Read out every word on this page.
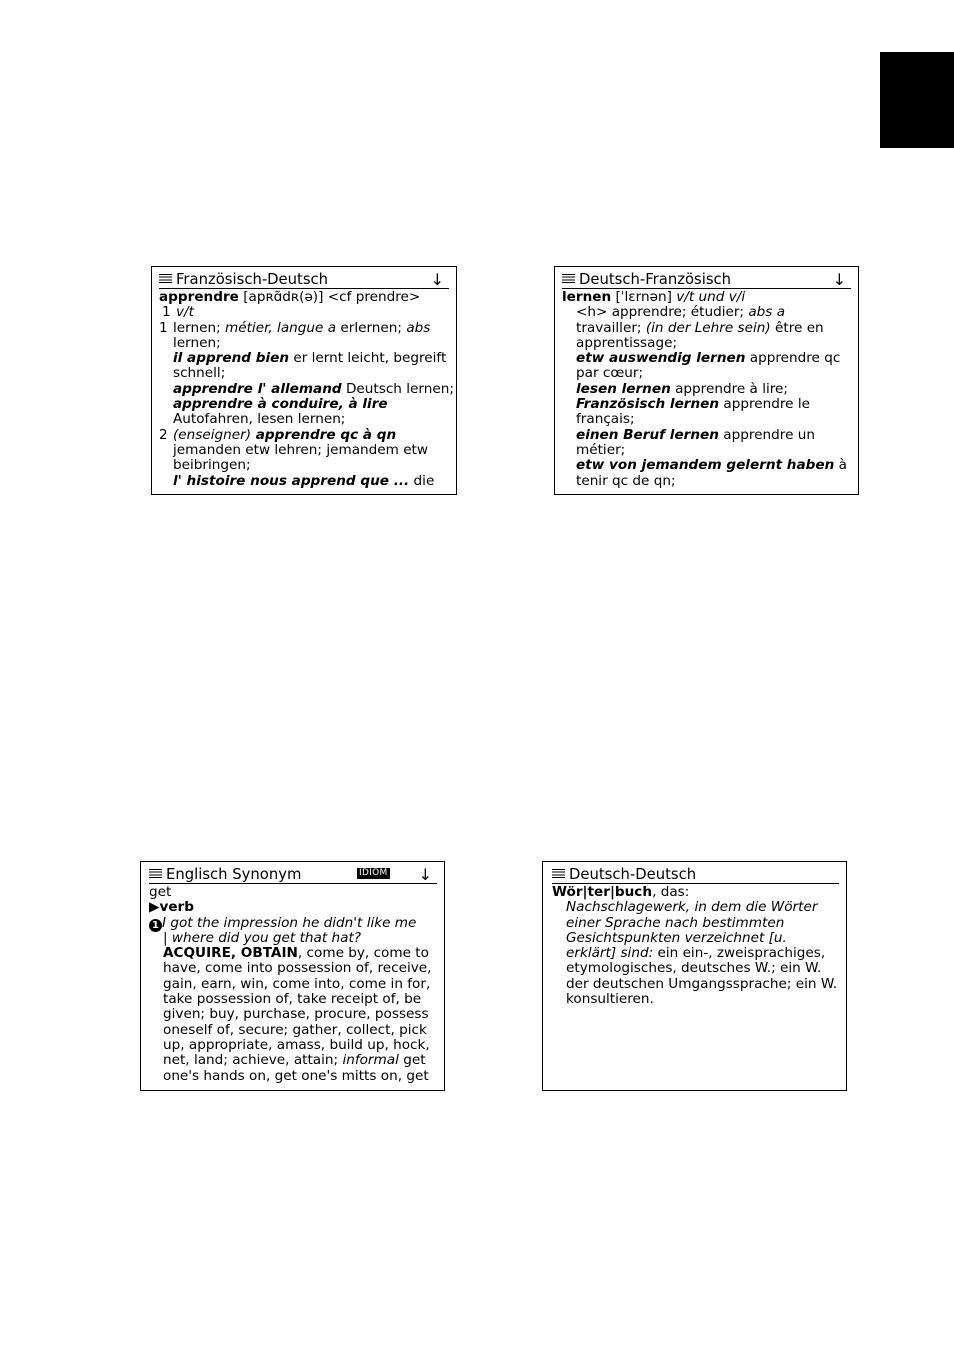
Französisch-Deutsch	↓
apprendre [apʀɑ̃dʀ(ə)] <cf prendre>
1 v/t
1 lernen; métier, langue a erlernen; abs
lernen;
il apprend bien er lernt leicht, begreift
schnell;
apprendre l' allemand Deutsch lernen;
apprendre à conduire, à lire
Autofahren, lesen lernen;
2 (enseigner) apprendre qc à qn
jemanden etw lehren; jemandem etw
beibringen;
l' histoire nous apprend que ... die
Deutsch-Französisch	↓
lernen [ˈlɛrnən] v/t und v/i
<h> apprendre; étudier; abs a
travailler; (in der Lehre sein) être en
apprentissage;
etw auswendig lernen apprendre qc
par cœur;
lesen lernen apprendre à lire;
Französisch lernen apprendre le
français;
einen Beruf lernen apprendre un
métier;
etw von jemandem gelernt haben à
tenir qc de qn;
Englisch Synonym	IDIOM ↓
get
▶verb
1 I got the impression he didn't like me
| where did you get that hat?
ACQUIRE, OBTAIN, come by, come to
have, come into possession of, receive,
gain, earn, win, come into, come in for,
take possession of, take receipt of, be
given; buy, purchase, procure, possess
oneself of, secure; gather, collect, pick
up, appropriate, amass, build up, hock,
net, land; achieve, attain; informal get
one's hands on, get one's mitts on, get
Deutsch-Deutsch
Wör|ter|buch, das:
Nachschlagewerk, in dem die Wörter
einer Sprache nach bestimmten
Gesichtspunkten verzeichnet [u.
erklärt] sind: ein ein-, zweisprachiges,
etymologisches, deutsches W.; ein W.
der deutschen Umgangssprache; ein W.
konsultieren.
